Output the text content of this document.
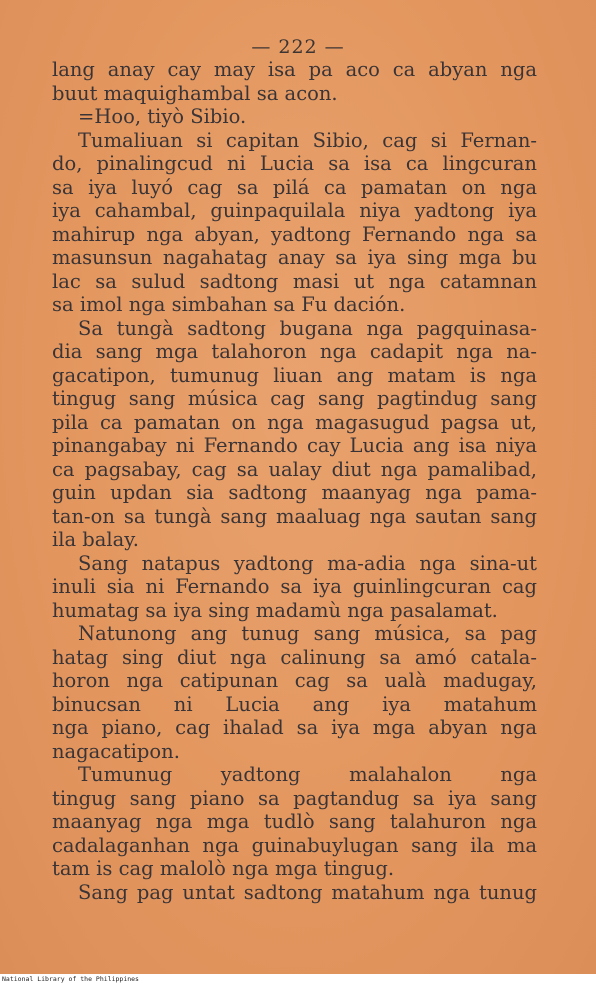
— 222 —
lang anay cay may isa pa aco ca abyan nga
buut maquighambal sa acon.
=Hoo, tiyò Sibio.
Tumaliuan si capitan Sibio, cag si Fernan-
do, pinalingcud ni Lucia sa isa ca lingcuran
sa iya luyó cag sa pilá ca pamatan on nga
iya cahambal, guinpaquilala niya yadtong iya
mahirup nga abyan, yadtong Fernando nga sa
masunsun nagahatag anay sa iya sing mga bu
lac sa sulud sadtong masi ut nga catamnan
sa imol nga simbahan sa Fu dación.
Sa tungà sadtong bugana nga pagquinasa-
dia sang mga talahoron nga cadapit nga na-
gacatipon, tumunug liuan ang matam is nga
tingug sang música cag sang pagtindug sang
pila ca pamatan on nga magasugud pagsa ut,
pinangabay ni Fernando cay Lucia ang isa niya
ca pagsabay, cag sa ualay diut nga pamalibad,
guin updan sia sadtong maanyag nga pama-
tan-on sa tungà sang maaluag nga sautan sang
ila balay.
Sang natapus yadtong ma-adia nga sina-ut
inuli sia ni Fernando sa iya guinlingcuran cag
humatag sa iya sing madamù nga pasalamat.
Natunong ang tunug sang música, sa pag
hatag sing diut nga calinung sa amó catala-
horon nga catipunan cag sa ualà madugay,
binucsan ni Lucia ang iya matahum
nga piano, cag ihalad sa iya mga abyan nga
nagacatipon.
Tumunug yadtong malahalon nga
tingug sang piano sa pagtandug sa iya sang
maanyag nga mga tudlò sang talahuron nga
cadalaganhan nga guinabuylugan sang ila ma
tam is cag malolò nga mga tingug.
Sang pag untat sadtong matahum nga tunug
National Library of the Philippines
